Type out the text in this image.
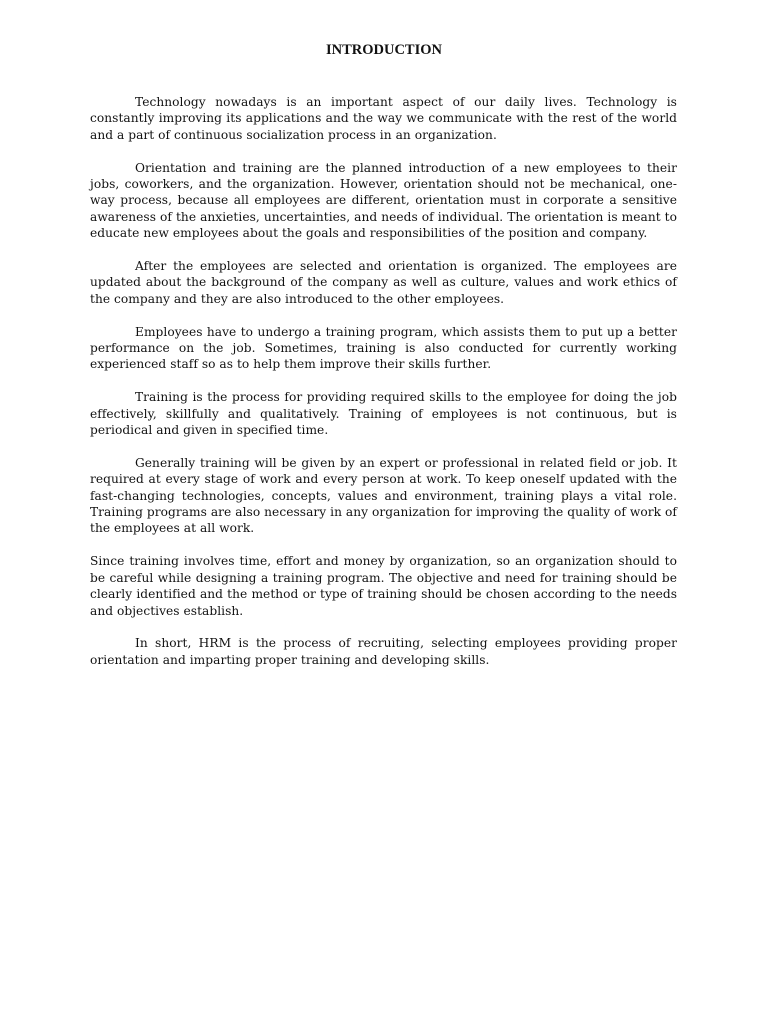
INTRODUCTION

Technology nowadays is an important aspect of our daily lives. Technology is constantly improving its applications and the way we communicate with the rest of the world and a part of continuous socialization process in an organization.

Orientation and training are the planned introduction of a new employees to their jobs, coworkers, and the organization. However, orientation should not be mechanical, one-way process, because all employees are different, orientation must in corporate a sensitive awareness of the anxieties, uncertainties, and needs of individual. The orientation is meant to educate new employees about the goals and responsibilities of the position and company.

After the employees are selected and orientation is organized. The employees are updated about the background of the company as well as culture, values and work ethics of the company and they are also introduced to the other employees.

Employees have to undergo a training program, which assists them to put up a better performance on the job. Sometimes, training is also conducted for currently working experienced staff so as to help them improve their skills further.

Training is the process for providing required skills to the employee for doing the job effectively, skillfully and qualitatively. Training of employees is not continuous, but is periodical and given in specified time.

Generally training will be given by an expert or professional in related field or job. It required at every stage of work and every person at work. To keep oneself updated with the fast-changing technologies, concepts, values and environment, training plays a vital role. Training programs are also necessary in any organization for improving the quality of work of the employees at all work.

Since training involves time, effort and money by organization, so an organization should to be careful while designing a training program. The objective and need for training should be clearly identified and the method or type of training should be chosen according to the needs and objectives establish.

In short, HRM is the process of recruiting, selecting employees providing proper orientation and imparting proper training and developing skills.
